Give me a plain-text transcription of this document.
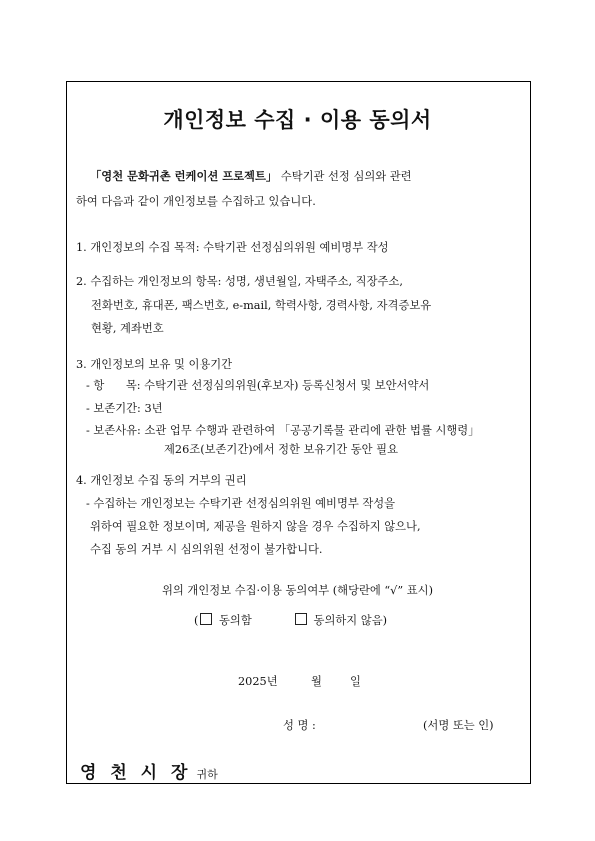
개인정보 수집 · 이용 동의서
「영천 문화귀촌 런케이션 프로젝트」 수탁기관 선정 심의와 관련
하여 다음과 같이 개인정보를 수집하고 있습니다.
1. 개인정보의 수집 목적: 수탁기관 선정심의위원 예비명부 작성
2. 수집하는 개인정보의 항목: 성명, 생년월일, 자택주소, 직장주소,
전화번호, 휴대폰, 팩스번호, e-mail, 학력사항, 경력사항, 자격증보유
현황, 계좌번호
3. 개인정보의 보유 및 이용기간
- 항      목: 수탁기관 선정심의위원(후보자) 등록신청서 및 보안서약서
- 보존기간: 3년
- 보존사유: 소관 업무 수행과 관련하여 「공공기록물 관리에 관한 법률 시행령」
제26조(보존기간)에서 정한 보유기간 동안 필요
4. 개인정보 수집 동의 거부의 권리
- 수집하는 개인정보는 수탁기관 선정심의위원 예비명부 작성을
위하여 필요한 정보이며, 제공을 원하지 않을 경우 수집하지 않으나,
수집 동의 거부 시 심의위원 선정이 불가합니다.
위의 개인정보 수집·이용 동의여부 (해당란에 “√” 표시)
( 동의함	동의하지 않음)
2025년	월 일
성 명 :	(서명 또는 인)
영 천 시 장 귀하
